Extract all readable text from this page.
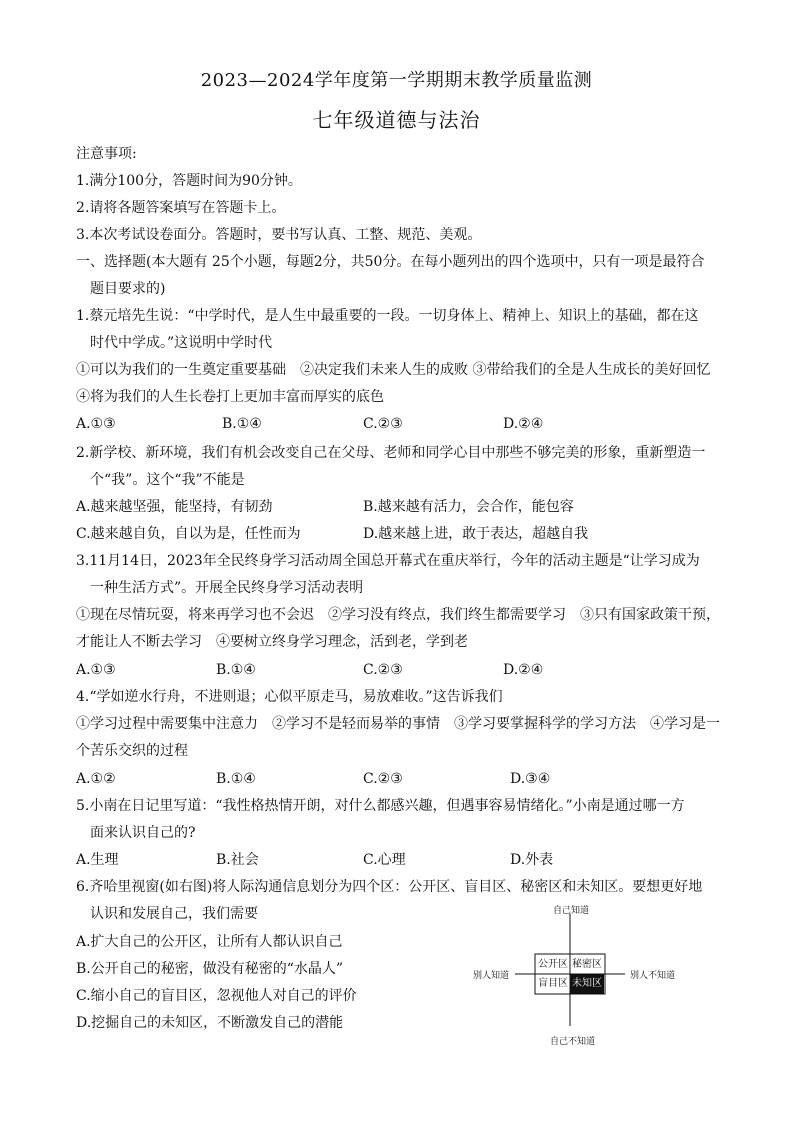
2023—2024学年度第一学期期末教学质量监测
七年级道德与法治
注意事项:
1.满分100分，答题时间为90分钟。
2.请将各题答案填写在答题卡上。
3.本次考试设卷面分。答题时，要书写认真、工整、规范、美观。
一、选择题(本大题有 25个小题，每题2分，共50分。在每小题列出的四个选项中，只有一项是最符合
题目要求的)
1.蔡元培先生说：“中学时代，是人生中最重要的一段。一切身体上、精神上、知识上的基础，都在这
时代中学成。”这说明中学时代
①可以为我们的一生奠定重要基础　②决定我们未来人生的成败 ③带给我们的全是人生成长的美好回忆
④将为我们的人生长卷打上更加丰富而厚实的底色
A.①③	B.①④	C.②③	D.②④
2.新学校、新环境，我们有机会改变自己在父母、老师和同学心目中那些不够完美的形象，重新塑造一
个“我”。这个“我”不能是
A.越来越坚强，能坚持，有韧劲	B.越来越有活力，会合作，能包容
C.越来越自负，自以为是，任性而为	D.越来越上进，敢于表达，超越自我
3.11月14日，2023年全民终身学习活动周全国总开幕式在重庆举行，今年的活动主题是“让学习成为
一种生活方式”。开展全民终身学习活动表明
①现在尽情玩耍，将来再学习也不会迟　②学习没有终点，我们终生都需要学习　③只有国家政策干预，
才能让人不断去学习　④要树立终身学习理念，活到老，学到老
A.①③	B.①④	C.②③	D.②④
4.“学如逆水行舟，不进则退；心似平原走马，易放难收。”这告诉我们
①学习过程中需要集中注意力　②学习不是轻而易举的事情　③学习要掌握科学的学习方法　④学习是一
个苦乐交织的过程
A.①②	B.①④	C.②③	D.③④
5.小南在日记里写道：“我性格热情开朗，对什么都感兴趣，但遇事容易情绪化。”小南是通过哪一方
面来认识自己的?
A.生理	B.社会	C.心理	D.外表
6.齐哈里视窗(如右图)将人际沟通信息划分为四个区：公开区、盲目区、秘密区和未知区。要想更好地
认识和发展自己，我们需要
A.扩大自己的公开区，让所有人都认识自己
B.公开自己的秘密，做没有秘密的“水晶人”
C.缩小自己的盲目区，忽视他人对自己的评价
D.挖掘自己的未知区，不断激发自己的潜能
自己知道
自己不知道
别人知道	别人不知道
公开区 秘密区
盲目区 未知区
